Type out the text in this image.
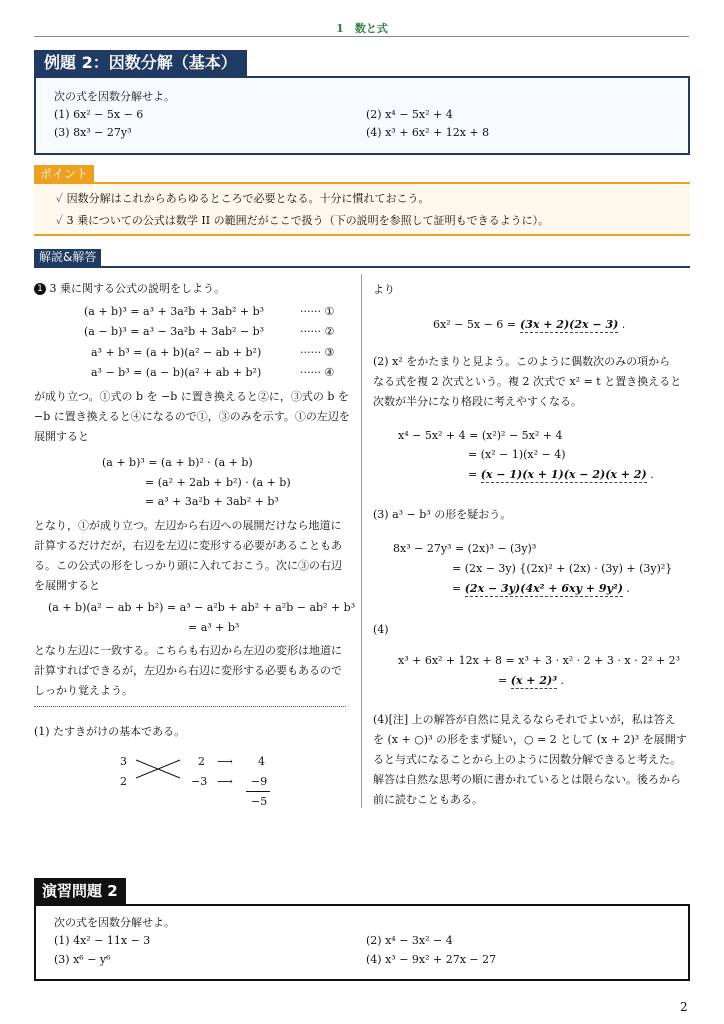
1　数と式
例題 2：因数分解（基本）
次の式を因数分解せよ。
(1) 6x² − 5x − 6	(2) x⁴ − 5x² + 4
(3) 8x³ − 27y³	(4) x³ + 6x² + 12x + 8
ポイント
✓ 因数分解はこれからあらゆるところで必要となる。十分に慣れておこう。
✓ 3 乗についての公式は数学 II の範囲だがここで扱う（下の説明を参照して証明もできるように）。
解説&解答
1 3 乗に関する公式の説明をしよう。
(a + b)³ = a³ + 3a²b + 3ab² + b³	······ ①
(a − b)³ = a³ − 3a²b + 3ab² − b³	······ ②
a³ + b³ = (a + b)(a² − ab + b²)	······ ③
a³ − b³ = (a − b)(a² + ab + b²)	······ ④
が成り立つ。①式の b を −b に置き換えると②に，③式の b を
−b に置き換えると④になるので①，③のみを示す。①の左辺を
展開すると
(a + b)³ = (a + b)² · (a + b)
= (a² + 2ab + b²) · (a + b)
= a³ + 3a²b + 3ab² + b³
となり，①が成り立つ。左辺から右辺への展開だけなら地道に
計算するだけだが，右辺を左辺に変形する必要があることもあ
る。この公式の形をしっかり頭に入れておこう。次に③の右辺
を展開すると
(a + b)(a² − ab + b²) = a³ − a²b + ab² + a²b − ab² + b³
= a³ + b³
となり左辺に一致する。こちらも右辺から左辺の変形は地道に
計算すればできるが，左辺から右辺に変形する必要もあるので
しっかり覚えよう。
(1) たすきがけの基本である。
3	2 ⟶ 4
2	−3 ⟶ −9
−5
より
6x² − 5x − 6 = (3x + 2)(2x − 3) .
(2) x² をかたまりと見よう。このように偶数次のみの項から
なる式を複 2 次式という。複 2 次式で x² = t と置き換えると
次数が半分になり格段に考えやすくなる。
x⁴ − 5x² + 4 = (x²)² − 5x² + 4
= (x² − 1)(x² − 4)
= (x − 1)(x + 1)(x − 2)(x + 2) .
(3) a³ − b³ の形を疑おう。
8x³ − 27y³ = (2x)³ − (3y)³
= (2x − 3y) {(2x)² + (2x) · (3y) + (3y)²}
= (2x − 3y)(4x² + 6xy + 9y²) .
(4)
x³ + 6x² + 12x + 8 = x³ + 3 · x² · 2 + 3 · x · 2² + 2³
= (x + 2)³ .
(4)[注] 上の解答が自然に見えるならそれでよいが，私は答え
を (x + ○)³ の形をまず疑い，○ = 2 として (x + 2)³ を展開す
ると与式になることから上のように因数分解できると考えた。
解答は自然な思考の順に書かれているとは限らない。後ろから
前に読むこともある。
演習問題 2
次の式を因数分解せよ。
(1) 4x² − 11x − 3	(2) x⁴ − 3x² − 4
(3) x⁶ − y⁶	(4) x³ − 9x² + 27x − 27
2
